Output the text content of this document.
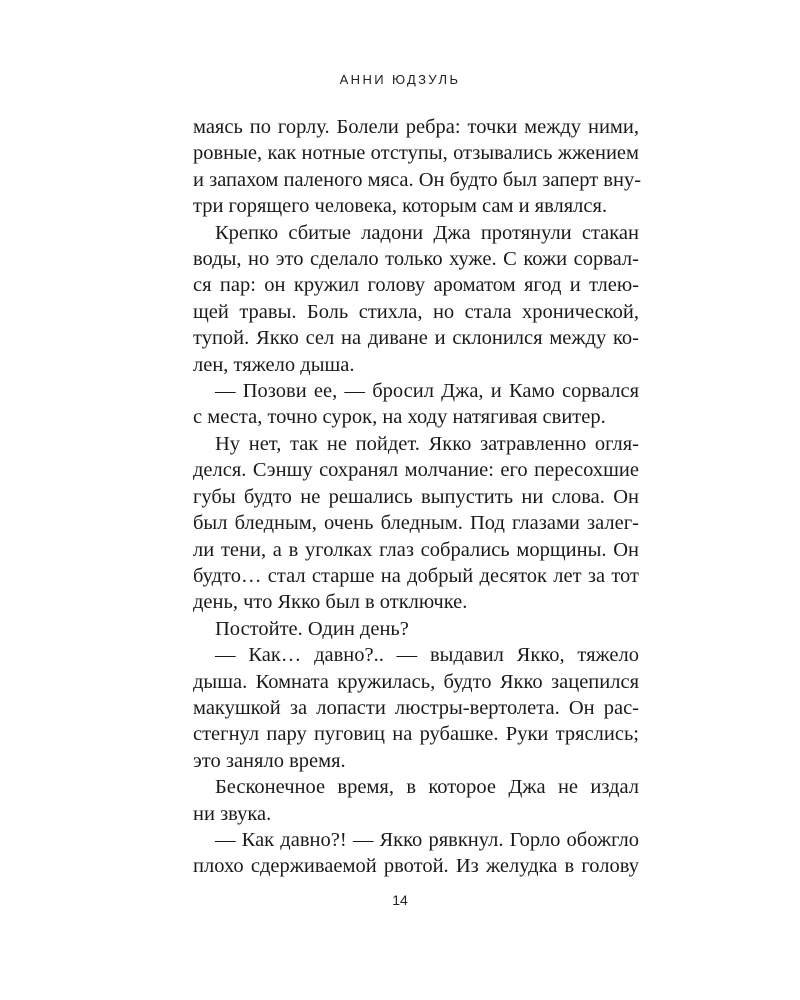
АННИ ЮДЗУЛЬ

маясь по горлу. Болели ребра: точки между ними,
ровные, как нотные отступы, отзывались жжением
и запахом паленого мяса. Он будто был заперт вну-
три горящего человека, которым сам и являлся.

Крепко сбитые ладони Джа протянули стакан
воды, но это сделало только хуже. С кожи сорвал-
ся пар: он кружил голову ароматом ягод и тлею-
щей травы. Боль стихла, но стала хронической,
тупой. Якко сел на диване и склонился между ко-
лен, тяжело дыша.

— Позови ее, — бросил Джа, и Камо сорвался
с места, точно сурок, на ходу натягивая свитер.

Ну нет, так не пойдет. Якко затравленно огля-
делся. Сэншу сохранял молчание: его пересохшие
губы будто не решались выпустить ни слова. Он
был бледным, очень бледным. Под глазами залег-
ли тени, а в уголках глаз собрались морщины. Он
будто… стал старше на добрый десяток лет за тот
день, что Якко был в отключке.

Постойте. Один день?

— Как… давно?.. — выдавил Якко, тяжело
дыша. Комната кружилась, будто Якко зацепился
макушкой за лопасти люстры-вертолета. Он рас-
стегнул пару пуговиц на рубашке. Руки тряслись;
это заняло время.

Бесконечное время, в которое Джа не издал
ни звука.

— Как давно?! — Якко рявкнул. Горло обожгло
плохо сдерживаемой рвотой. Из желудка в голову

14
